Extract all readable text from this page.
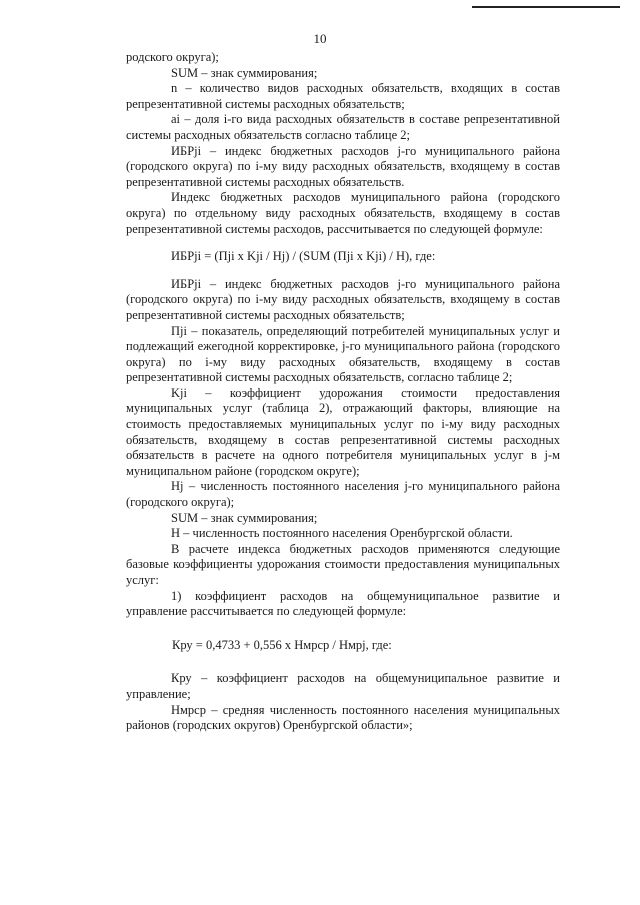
10

родского округа);

SUM – знак суммирования;

n – количество видов расходных обязательств, входящих в состав репрезентативной системы расходных обязательств;

ai – доля i-го вида расходных обязательств в составе репрезентативной системы расходных обязательств согласно таблице 2;

ИБРji – индекс бюджетных расходов j-го муниципального района (городского округа) по i-му виду расходных обязательств, входящему в состав репрезентативной системы расходных обязательств.

Индекс бюджетных расходов муниципального района (городского округа) по отдельному виду расходных обязательств, входящему в состав репрезентативной системы расходов, рассчитывается по следующей формуле:

ИБРji = (Пji x Kji / Hj) / (SUM (Пji x Kji) / H), где:

ИБРji – индекс бюджетных расходов j-го муниципального района (городского округа) по i-му виду расходных обязательств, входящему в состав репрезентативной системы расходных обязательств;

Пji – показатель, определяющий потребителей муниципальных услуг и подлежащий ежегодной корректировке, j-го муниципального района (городского округа) по i-му виду расходных обязательств, входящему в состав репрезентативной системы расходных обязательств, согласно таблице 2;

Kji – коэффициент удорожания стоимости предоставления муниципальных услуг (таблица 2), отражающий факторы, влияющие на стоимость предоставляемых муниципальных услуг по i-му виду расходных обязательств, входящему в состав репрезентативной системы расходных обязательств в расчете на одного потребителя муниципальных услуг в j-м муниципальном районе (городском округе);

Hj – численность постоянного населения j-го муниципального района (городского округа);

SUM – знак суммирования;

H – численность постоянного населения Оренбургской области.

В расчете индекса бюджетных расходов применяются следующие базовые коэффициенты удорожания стоимости предоставления муниципальных услуг:

1) коэффициент расходов на общемуниципальное развитие и управление рассчитывается по следующей формуле:

Кру = 0,4733 + 0,556 x Нмрср / Нмрj, где:

Кру – коэффициент расходов на общемуниципальное развитие и управление;

Нмрср – средняя численность постоянного населения муниципальных районов (городских округов) Оренбургской области»;
